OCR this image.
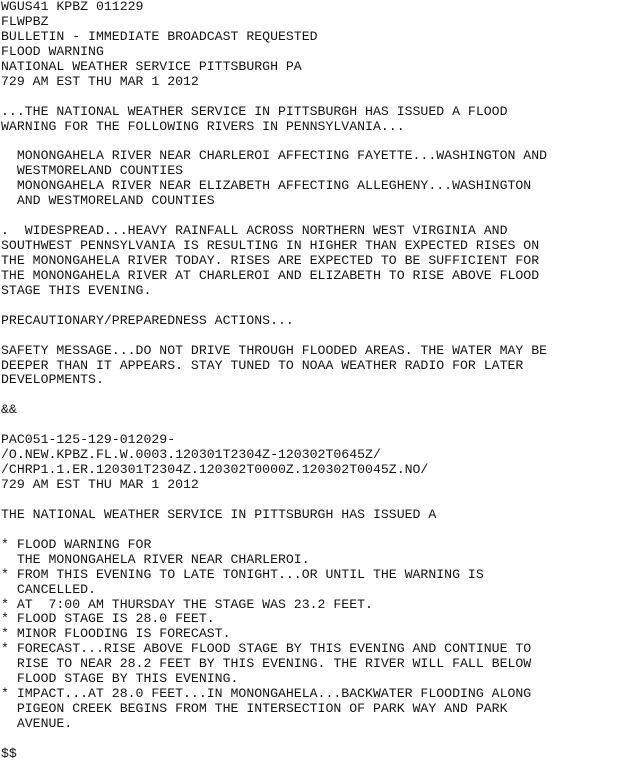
WGUS41 KPBZ 011229
FLWPBZ
BULLETIN - IMMEDIATE BROADCAST REQUESTED
FLOOD WARNING
NATIONAL WEATHER SERVICE PITTSBURGH PA
729 AM EST THU MAR 1 2012
...THE NATIONAL WEATHER SERVICE IN PITTSBURGH HAS ISSUED A FLOOD
WARNING FOR THE FOLLOWING RIVERS IN PENNSYLVANIA...
MONONGAHELA RIVER NEAR CHARLEROI AFFECTING FAYETTE...WASHINGTON AND
WESTMORELAND COUNTIES
MONONGAHELA RIVER NEAR ELIZABETH AFFECTING ALLEGHENY...WASHINGTON
AND WESTMORELAND COUNTIES
.  WIDESPREAD...HEAVY RAINFALL ACROSS NORTHERN WEST VIRGINIA AND
SOUTHWEST PENNSYLVANIA IS RESULTING IN HIGHER THAN EXPECTED RISES ON
THE MONONGAHELA RIVER TODAY. RISES ARE EXPECTED TO BE SUFFICIENT FOR
THE MONONGAHELA RIVER AT CHARLEROI AND ELIZABETH TO RISE ABOVE FLOOD
STAGE THIS EVENING.
PRECAUTIONARY/PREPAREDNESS ACTIONS...
SAFETY MESSAGE...DO NOT DRIVE THROUGH FLOODED AREAS. THE WATER MAY BE
DEEPER THAN IT APPEARS. STAY TUNED TO NOAA WEATHER RADIO FOR LATER
DEVELOPMENTS.
&&
PAC051-125-129-012029-
/O.NEW.KPBZ.FL.W.0003.120301T2304Z-120302T0645Z/
/CHRP1.1.ER.120301T2304Z.120302T0000Z.120302T0045Z.NO/
729 AM EST THU MAR 1 2012
THE NATIONAL WEATHER SERVICE IN PITTSBURGH HAS ISSUED A
* FLOOD WARNING FOR
THE MONONGAHELA RIVER NEAR CHARLEROI.
* FROM THIS EVENING TO LATE TONIGHT...OR UNTIL THE WARNING IS
CANCELLED.
* AT  7:00 AM THURSDAY THE STAGE WAS 23.2 FEET.
* FLOOD STAGE IS 28.0 FEET.
* MINOR FLOODING IS FORECAST.
* FORECAST...RISE ABOVE FLOOD STAGE BY THIS EVENING AND CONTINUE TO
RISE TO NEAR 28.2 FEET BY THIS EVENING. THE RIVER WILL FALL BELOW
FLOOD STAGE BY THIS EVENING.
* IMPACT...AT 28.0 FEET...IN MONONGAHELA...BACKWATER FLOODING ALONG
PIGEON CREEK BEGINS FROM THE INTERSECTION OF PARK WAY AND PARK
AVENUE.
$$
